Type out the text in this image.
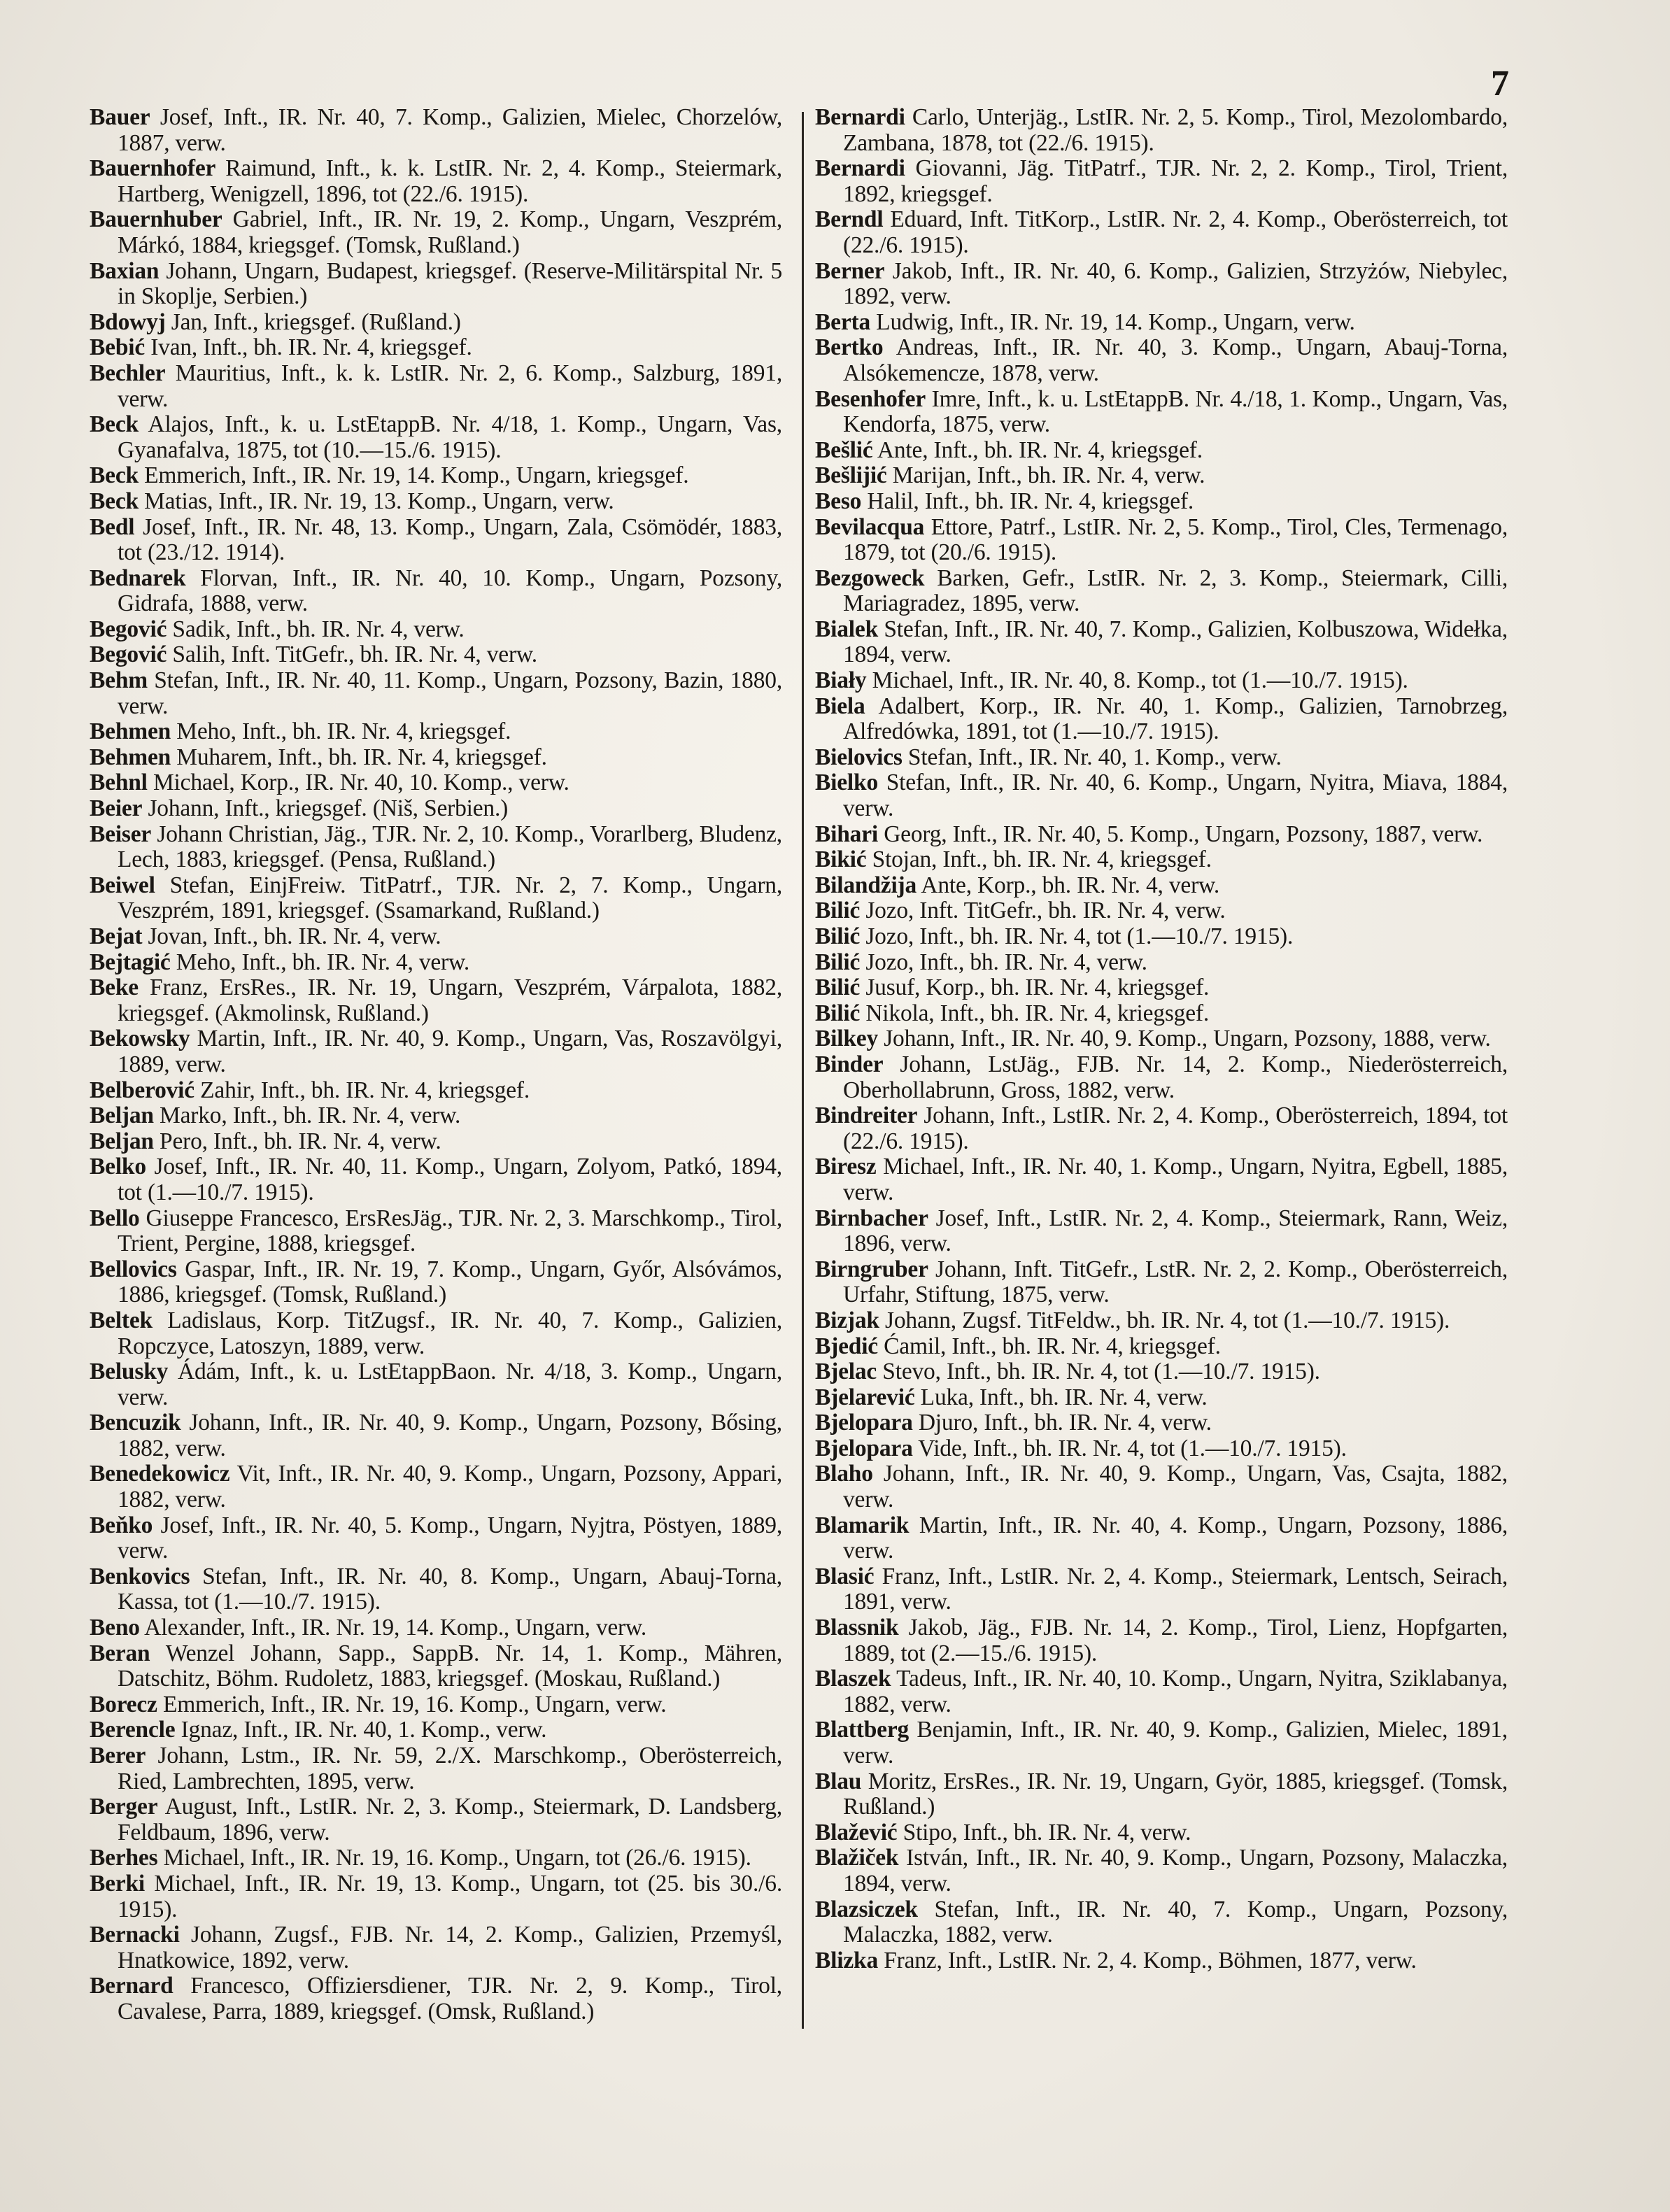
7

Bauer Josef, Inft., IR. Nr. 40, 7. Komp., Galizien, Mielec, Chorzelów, 1887, verw.

Bauernhofer Raimund, Inft., k. k. LstIR. Nr. 2, 4. Komp., Steiermark, Hartberg, Wenigzell, 1896, tot (22./6. 1915).

Bauernhuber Gabriel, Inft., IR. Nr. 19, 2. Komp., Ungarn, Veszprém, Márkó, 1884, kriegsgef. (Tomsk, Rußland.)

Baxian Johann, Ungarn, Budapest, kriegsgef. (Reserve-Militärspital Nr. 5 in Skoplje, Serbien.)

Bdowyj Jan, Inft., kriegsgef. (Rußland.)

Bebić Ivan, Inft., bh. IR. Nr. 4, kriegsgef.

Bechler Mauritius, Inft., k. k. LstIR. Nr. 2, 6. Komp., Salzburg, 1891, verw.

Beck Alajos, Inft., k. u. LstEtappB. Nr. 4/18, 1. Komp., Ungarn, Vas, Gyanafalva, 1875, tot (10.—15./6. 1915).

Beck Emmerich, Inft., IR. Nr. 19, 14. Komp., Ungarn, kriegsgef.

Beck Matias, Inft., IR. Nr. 19, 13. Komp., Ungarn, verw.

Bedl Josef, Inft., IR. Nr. 48, 13. Komp., Ungarn, Zala, Csömödér, 1883, tot (23./12. 1914).

Bednarek Florvan, Inft., IR. Nr. 40, 10. Komp., Ungarn, Pozsony, Gidrafa, 1888, verw.

Begović Sadik, Inft., bh. IR. Nr. 4, verw.

Begović Salih, Inft. TitGefr., bh. IR. Nr. 4, verw.

Behm Stefan, Inft., IR. Nr. 40, 11. Komp., Ungarn, Pozsony, Bazin, 1880, verw.

Behmen Meho, Inft., bh. IR. Nr. 4, kriegsgef.

Behmen Muharem, Inft., bh. IR. Nr. 4, kriegsgef.

Behnl Michael, Korp., IR. Nr. 40, 10. Komp., verw.

Beier Johann, Inft., kriegsgef. (Niš, Serbien.)

Beiser Johann Christian, Jäg., TJR. Nr. 2, 10. Komp., Vorarlberg, Bludenz, Lech, 1883, kriegsgef. (Pensa, Rußland.)

Beiwel Stefan, EinjFreiw. TitPatrf., TJR. Nr. 2, 7. Komp., Ungarn, Veszprém, 1891, kriegsgef. (Ssamarkand, Rußland.)

Bejat Jovan, Inft., bh. IR. Nr. 4, verw.

Bejtagić Meho, Inft., bh. IR. Nr. 4, verw.

Beke Franz, ErsRes., IR. Nr. 19, Ungarn, Veszprém, Várpalota, 1882, kriegsgef. (Akmolinsk, Rußland.)

Bekowsky Martin, Inft., IR. Nr. 40, 9. Komp., Ungarn, Vas, Roszavölgyi, 1889, verw.

Belberović Zahir, Inft., bh. IR. Nr. 4, kriegsgef.

Beljan Marko, Inft., bh. IR. Nr. 4, verw.

Beljan Pero, Inft., bh. IR. Nr. 4, verw.

Belko Josef, Inft., IR. Nr. 40, 11. Komp., Ungarn, Zolyom, Patkó, 1894, tot (1.—10./7. 1915).

Bello Giuseppe Francesco, ErsResJäg., TJR. Nr. 2, 3. Marschkomp., Tirol, Trient, Pergine, 1888, kriegsgef.

Bellovics Gaspar, Inft., IR. Nr. 19, 7. Komp., Ungarn, Győr, Alsóvámos, 1886, kriegsgef. (Tomsk, Rußland.)

Beltek Ladislaus, Korp. TitZugsf., IR. Nr. 40, 7. Komp., Galizien, Ropczyce, Latoszyn, 1889, verw.

Belusky Ádám, Inft., k. u. LstEtappBaon. Nr. 4/18, 3. Komp., Ungarn, verw.

Bencuzik Johann, Inft., IR. Nr. 40, 9. Komp., Ungarn, Pozsony, Bősing, 1882, verw.

Benedekowicz Vit, Inft., IR. Nr. 40, 9. Komp., Ungarn, Pozsony, Appari, 1882, verw.

Beňko Josef, Inft., IR. Nr. 40, 5. Komp., Ungarn, Nyjtra, Pöstyen, 1889, verw.

Benkovics Stefan, Inft., IR. Nr. 40, 8. Komp., Ungarn, Abauj-Torna, Kassa, tot (1.—10./7. 1915).

Beno Alexander, Inft., IR. Nr. 19, 14. Komp., Ungarn, verw.

Beran Wenzel Johann, Sapp., SappB. Nr. 14, 1. Komp., Mähren, Datschitz, Böhm. Rudoletz, 1883, kriegsgef. (Moskau, Rußland.)

Borecz Emmerich, Inft., IR. Nr. 19, 16. Komp., Ungarn, verw.

Berencle Ignaz, Inft., IR. Nr. 40, 1. Komp., verw.

Berer Johann, Lstm., IR. Nr. 59, 2./X. Marschkomp., Oberösterreich, Ried, Lambrechten, 1895, verw.

Berger August, Inft., LstIR. Nr. 2, 3. Komp., Steiermark, D. Landsberg, Feldbaum, 1896, verw.

Berhes Michael, Inft., IR. Nr. 19, 16. Komp., Ungarn, tot (26./6. 1915).

Berki Michael, Inft., IR. Nr. 19, 13. Komp., Ungarn, tot (25. bis 30./6. 1915).

Bernacki Johann, Zugsf., FJB. Nr. 14, 2. Komp., Galizien, Przemyśl, Hnatkowice, 1892, verw.

Bernard Francesco, Offiziersdiener, TJR. Nr. 2, 9. Komp., Tirol, Cavalese, Parra, 1889, kriegsgef. (Omsk, Rußland.)

Bernardi Carlo, Unterjäg., LstIR. Nr. 2, 5. Komp., Tirol, Mezolombardo, Zambana, 1878, tot (22./6. 1915).

Bernardi Giovanni, Jäg. TitPatrf., TJR. Nr. 2, 2. Komp., Tirol, Trient, 1892, kriegsgef.

Berndl Eduard, Inft. TitKorp., LstIR. Nr. 2, 4. Komp., Oberösterreich, tot (22./6. 1915).

Berner Jakob, Inft., IR. Nr. 40, 6. Komp., Galizien, Strzyżów, Niebylec, 1892, verw.

Berta Ludwig, Inft., IR. Nr. 19, 14. Komp., Ungarn, verw.

Bertko Andreas, Inft., IR. Nr. 40, 3. Komp., Ungarn, Abauj-Torna, Alsókemencze, 1878, verw.

Besenhofer Imre, Inft., k. u. LstEtappB. Nr. 4./18, 1. Komp., Ungarn, Vas, Kendorfa, 1875, verw.

Bešlić Ante, Inft., bh. IR. Nr. 4, kriegsgef.

Bešlijić Marijan, Inft., bh. IR. Nr. 4, verw.

Beso Halil, Inft., bh. IR. Nr. 4, kriegsgef.

Bevilacqua Ettore, Patrf., LstIR. Nr. 2, 5. Komp., Tirol, Cles, Termenago, 1879, tot (20./6. 1915).

Bezgoweck Barken, Gefr., LstIR. Nr. 2, 3. Komp., Steiermark, Cilli, Mariagradez, 1895, verw.

Bialek Stefan, Inft., IR. Nr. 40, 7. Komp., Galizien, Kolbuszowa, Widełka, 1894, verw.

Biały Michael, Inft., IR. Nr. 40, 8. Komp., tot (1.—10./7. 1915).

Biela Adalbert, Korp., IR. Nr. 40, 1. Komp., Galizien, Tarnobrzeg, Alfredówka, 1891, tot (1.—10./7. 1915).

Bielovics Stefan, Inft., IR. Nr. 40, 1. Komp., verw.

Bielko Stefan, Inft., IR. Nr. 40, 6. Komp., Ungarn, Nyitra, Miava, 1884, verw.

Bihari Georg, Inft., IR. Nr. 40, 5. Komp., Ungarn, Pozsony, 1887, verw.

Bikić Stojan, Inft., bh. IR. Nr. 4, kriegsgef.

Bilandžija Ante, Korp., bh. IR. Nr. 4, verw.

Bilić Jozo, Inft. TitGefr., bh. IR. Nr. 4, verw.

Bilić Jozo, Inft., bh. IR. Nr. 4, tot (1.—10./7. 1915).

Bilić Jozo, Inft., bh. IR. Nr. 4, verw.

Bilić Jusuf, Korp., bh. IR. Nr. 4, kriegsgef.

Bilić Nikola, Inft., bh. IR. Nr. 4, kriegsgef.

Bilkey Johann, Inft., IR. Nr. 40, 9. Komp., Ungarn, Pozsony, 1888, verw.

Binder Johann, LstJäg., FJB. Nr. 14, 2. Komp., Niederösterreich, Oberhollabrunn, Gross, 1882, verw.

Bindreiter Johann, Inft., LstIR. Nr. 2, 4. Komp., Oberösterreich, 1894, tot (22./6. 1915).

Biresz Michael, Inft., IR. Nr. 40, 1. Komp., Ungarn, Nyitra, Egbell, 1885, verw.

Birnbacher Josef, Inft., LstIR. Nr. 2, 4. Komp., Steiermark, Rann, Weiz, 1896, verw.

Birngruber Johann, Inft. TitGefr., LstR. Nr. 2, 2. Komp., Oberösterreich, Urfahr, Stiftung, 1875, verw.

Bizjak Johann, Zugsf. TitFeldw., bh. IR. Nr. 4, tot (1.—10./7. 1915).

Bjedić Ćamil, Inft., bh. IR. Nr. 4, kriegsgef.

Bjelac Stevo, Inft., bh. IR. Nr. 4, tot (1.—10./7. 1915).

Bjelarević Luka, Inft., bh. IR. Nr. 4, verw.

Bjelopara Djuro, Inft., bh. IR. Nr. 4, verw.

Bjelopara Vide, Inft., bh. IR. Nr. 4, tot (1.—10./7. 1915).

Blaho Johann, Inft., IR. Nr. 40, 9. Komp., Ungarn, Vas, Csajta, 1882, verw.

Blamarik Martin, Inft., IR. Nr. 40, 4. Komp., Ungarn, Pozsony, 1886, verw.

Blasić Franz, Inft., LstIR. Nr. 2, 4. Komp., Steiermark, Lentsch, Seirach, 1891, verw.

Blassnik Jakob, Jäg., FJB. Nr. 14, 2. Komp., Tirol, Lienz, Hopfgarten, 1889, tot (2.—15./6. 1915).

Blaszek Tadeus, Inft., IR. Nr. 40, 10. Komp., Ungarn, Nyitra, Sziklabanya, 1882, verw.

Blattberg Benjamin, Inft., IR. Nr. 40, 9. Komp., Galizien, Mielec, 1891, verw.

Blau Moritz, ErsRes., IR. Nr. 19, Ungarn, Györ, 1885, kriegsgef. (Tomsk, Rußland.)

Blažević Stipo, Inft., bh. IR. Nr. 4, verw.

Blažiček István, Inft., IR. Nr. 40, 9. Komp., Ungarn, Pozsony, Malaczka, 1894, verw.

Blazsiczek Stefan, Inft., IR. Nr. 40, 7. Komp., Ungarn, Pozsony, Malaczka, 1882, verw.

Blizka Franz, Inft., LstIR. Nr. 2, 4. Komp., Böhmen, 1877, verw.
